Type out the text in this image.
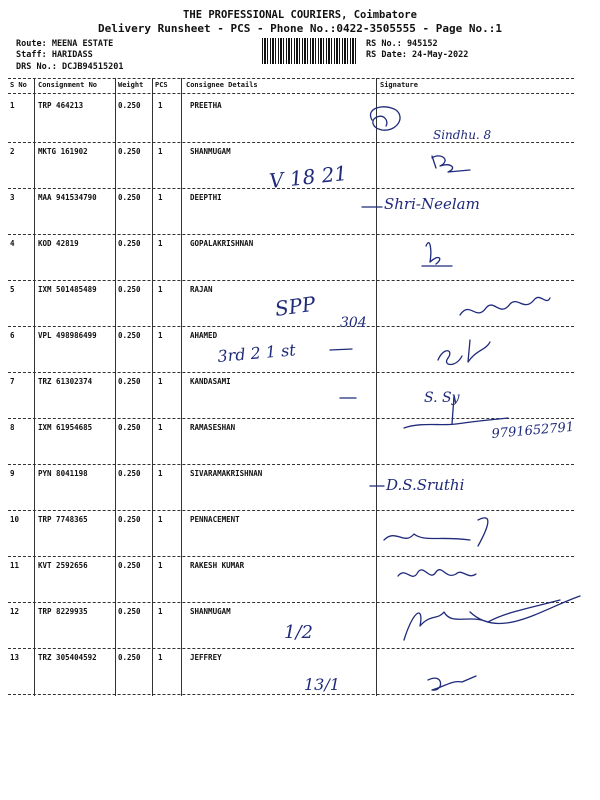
THE PROFESSIONAL COURIERS, Coimbatore
Delivery Runsheet - PCS - Phone No.:0422-3505555 - Page No.:1
Route: MEENA ESTATE
Staff: HARIDASS
DRS No.: DCJB94515201
RS No.: 945152
RS Date: 24-May-2022
S No Consignment No	Weight PCS	Consignee Details	Signature
1	TRP 464213	0.250 1	PREETHA
2	MKTG 161902	0.250 1	SHANMUGAM
3	MAA 941534790	0.250 1	DEEPTHI
4	KOD 42819	0.250 1	GOPALAKRISHNAN
5	IXM 501485489	0.250 1	RAJAN
6	VPL 498986499	0.250 1	AHAMED
7	TRZ 61302374	0.250 1	KANDASAMI
8	IXM 61954685	0.250 1	RAMASESHAN
9	PYN 8041198	0.250 1	SIVARAMAKRISHNAN
10	TRP 7748365	0.250 1	PENNACEMENT
11	KVT 2592656	0.250 1	RAKESH KUMAR
12	TRP 8229935	0.250 1	SHANMUGAM
13	TRZ 305404592	0.250 1	JEFFREY
Sindhu. 8
V 18 21
Shri-Neelam
SPP
304
3rd 2 1 st
S. Sy
9791652791
D.S.Sruthi
1/2
13/1
